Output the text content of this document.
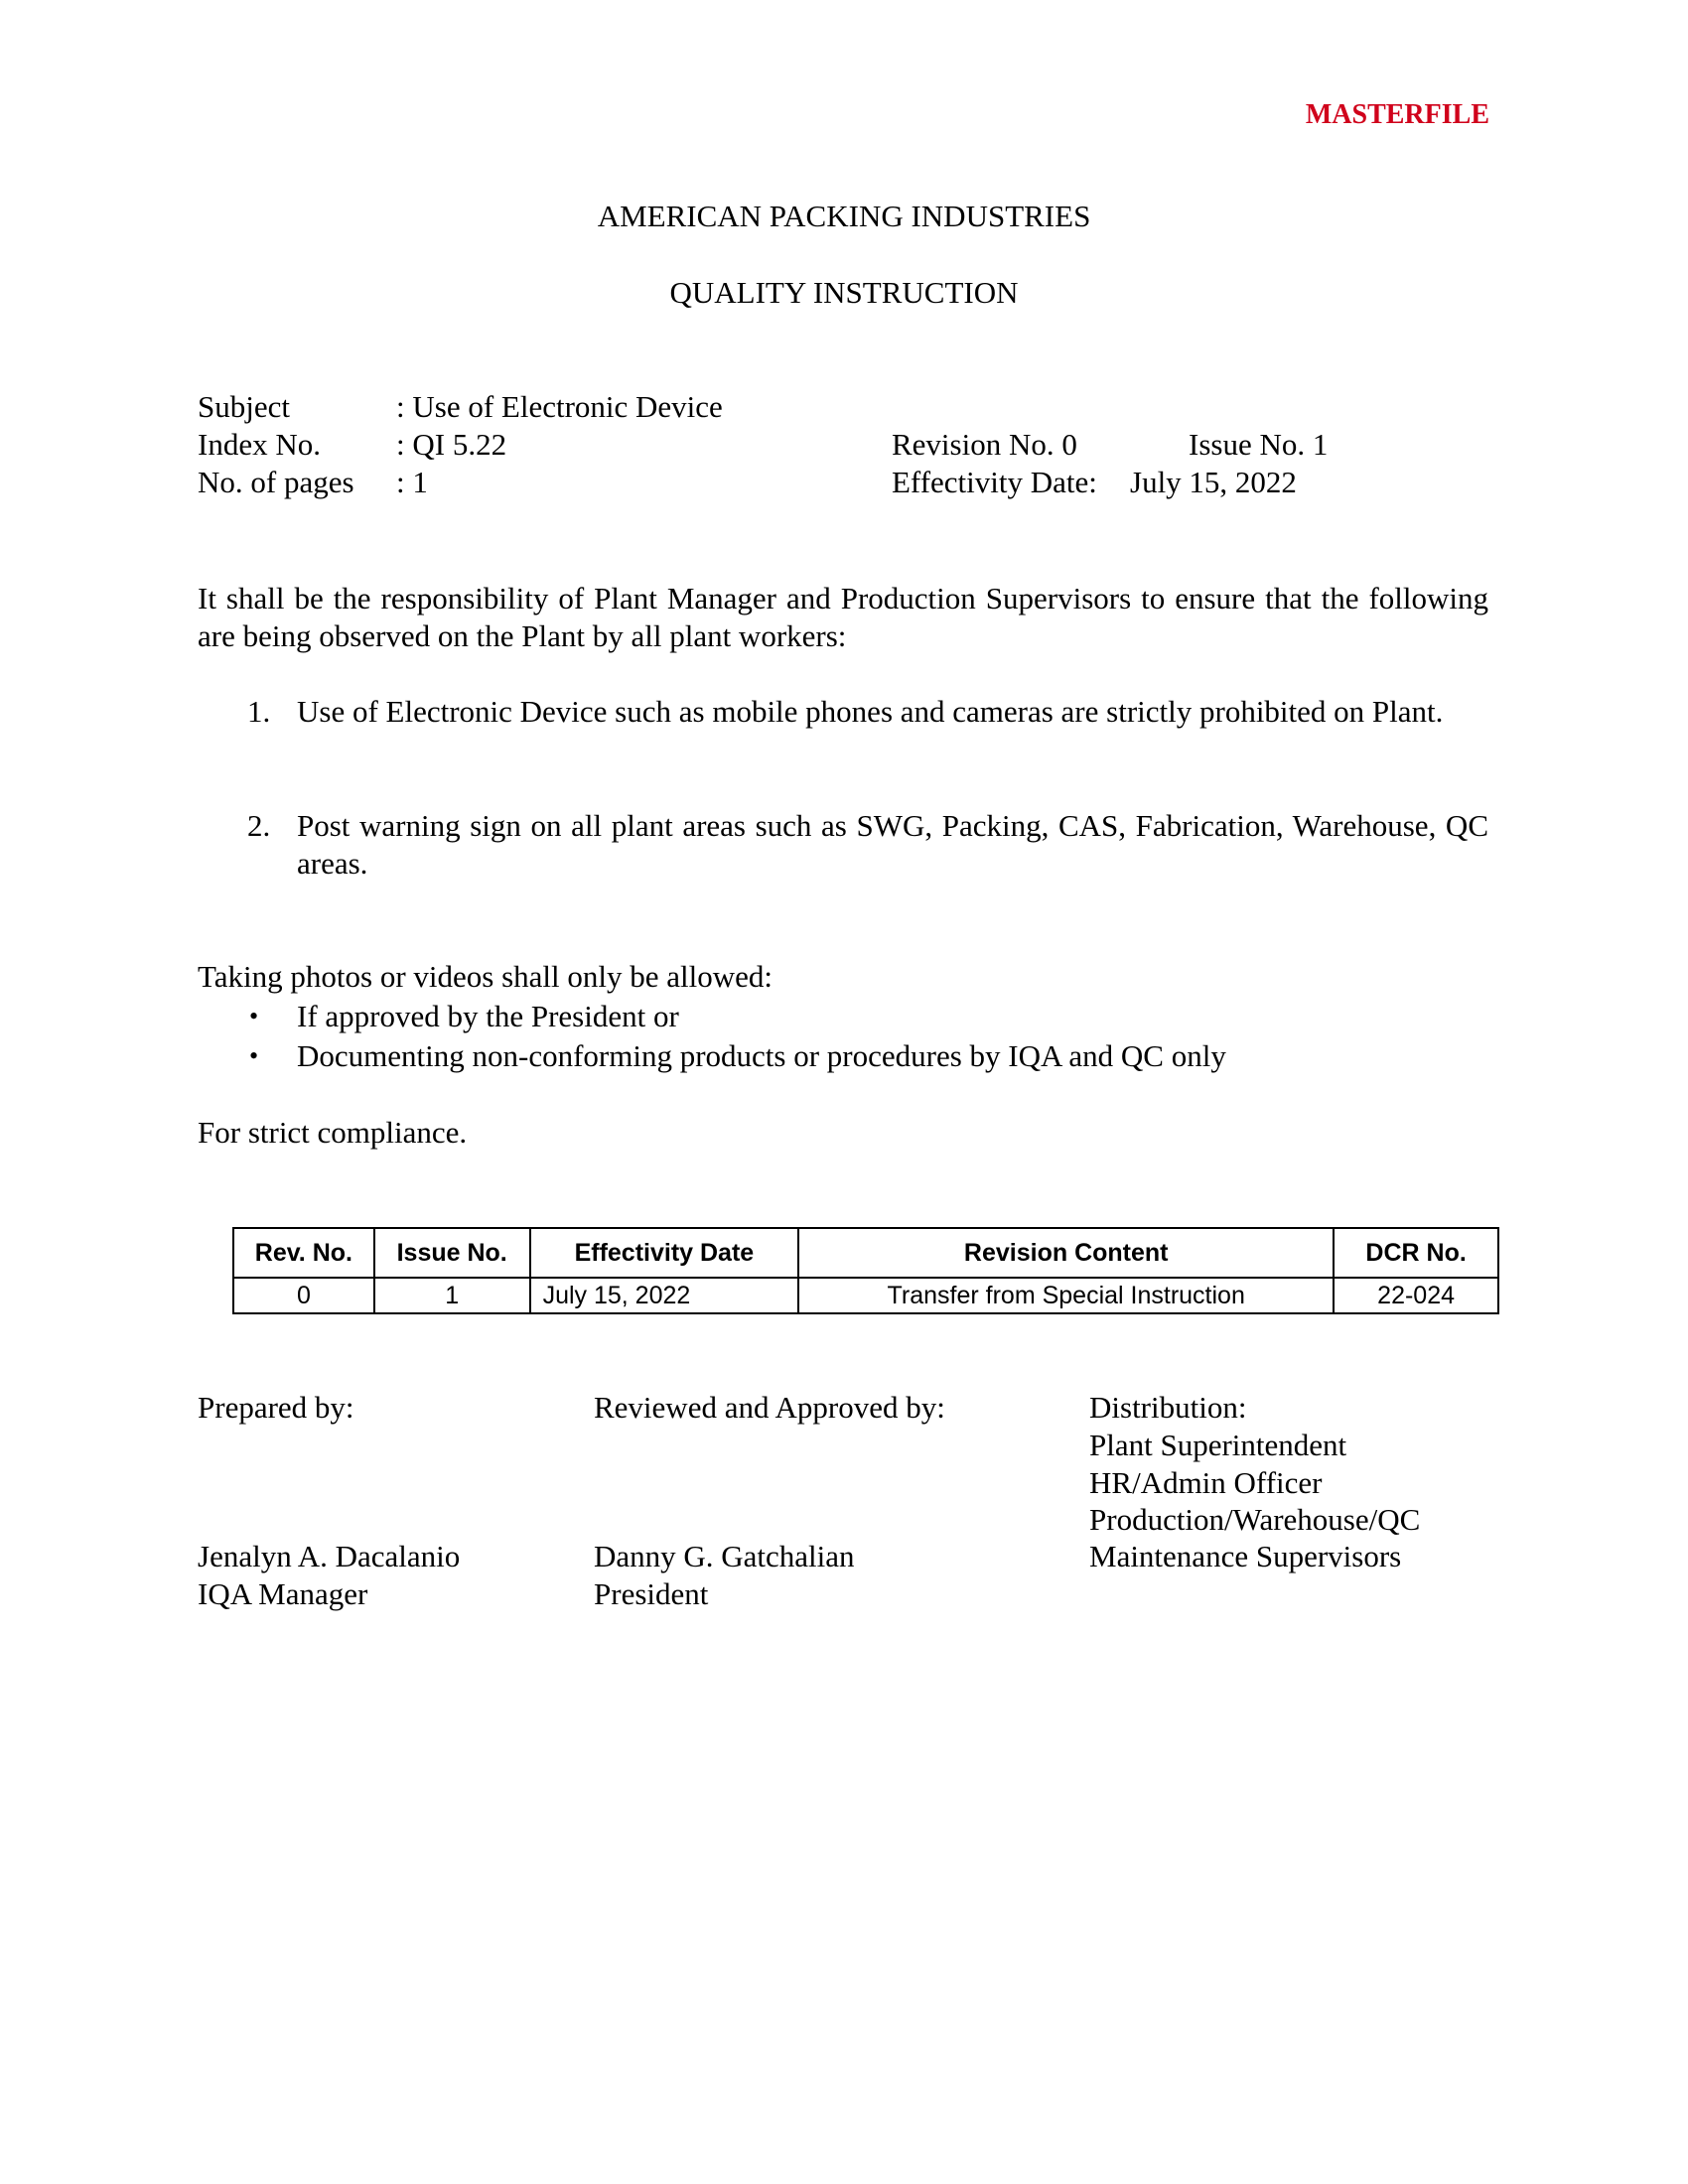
MASTERFILE
AMERICAN PACKING INDUSTRIES
QUALITY INSTRUCTION
Subject	: Use of Electronic Device
Index No.	: QI 5.22
No. of pages	: 1
Revision No. 0	Issue No. 1
Effectivity Date: July 15, 2022
It shall be the responsibility of Plant Manager and Production Supervisors to ensure that the following are being observed on the Plant by all plant workers:
1. Use of Electronic Device such as mobile phones and cameras are strictly prohibited on Plant.
2. Post warning sign on all plant areas such as SWG, Packing, CAS, Fabrication, Warehouse, QC areas.
Taking photos or videos shall only be allowed:
•	If approved by the President or
•	Documenting non-conforming products or procedures by IQA and QC only
For strict compliance.
Rev. No.	Issue No.	Effectivity Date	Revision Content	DCR No.
0	1	July 15, 2022	Transfer from Special Instruction	22-024
Prepared by:
Jenalyn A. Dacalanio
IQA Manager
Reviewed and Approved by:
Danny G. Gatchalian
President
Distribution:
Plant Superintendent
HR/Admin Officer
Production/Warehouse/QC
Maintenance Supervisors
